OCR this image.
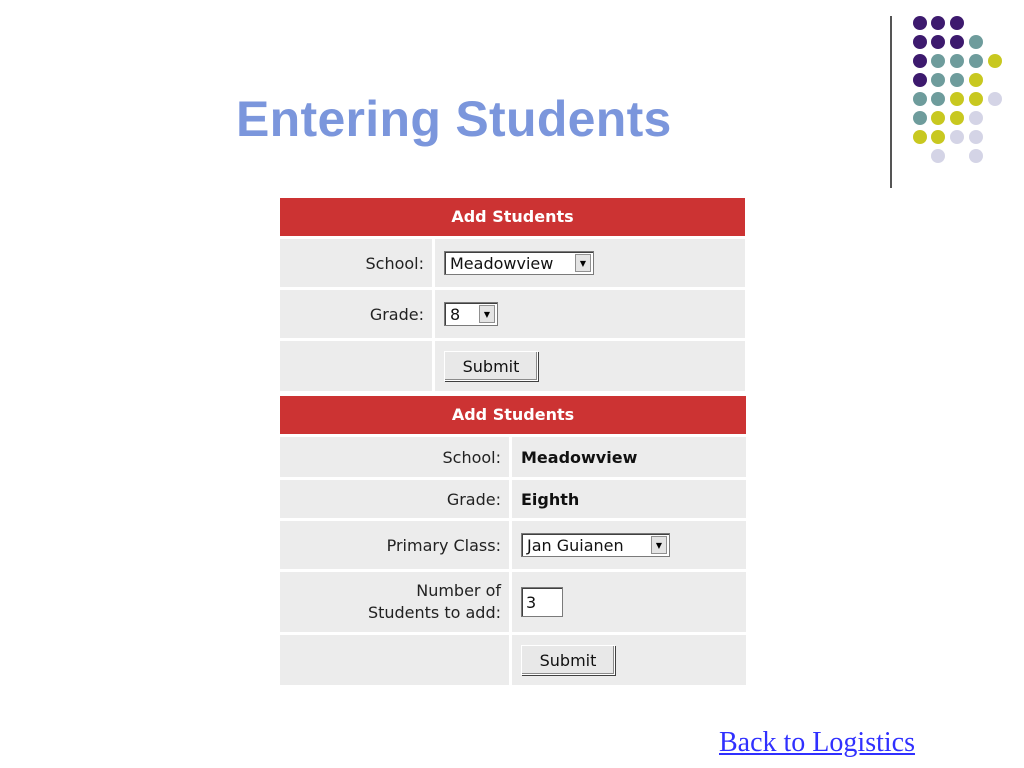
Entering Students
Add Students
School:	Meadowview	▼
Grade:	8	▼
Submit
Add Students
School:	Meadowview
Grade:	Eighth
Primary Class:	Jan Guianen	▼
Number of
Students to add:
3
Submit
Back to Logistics
